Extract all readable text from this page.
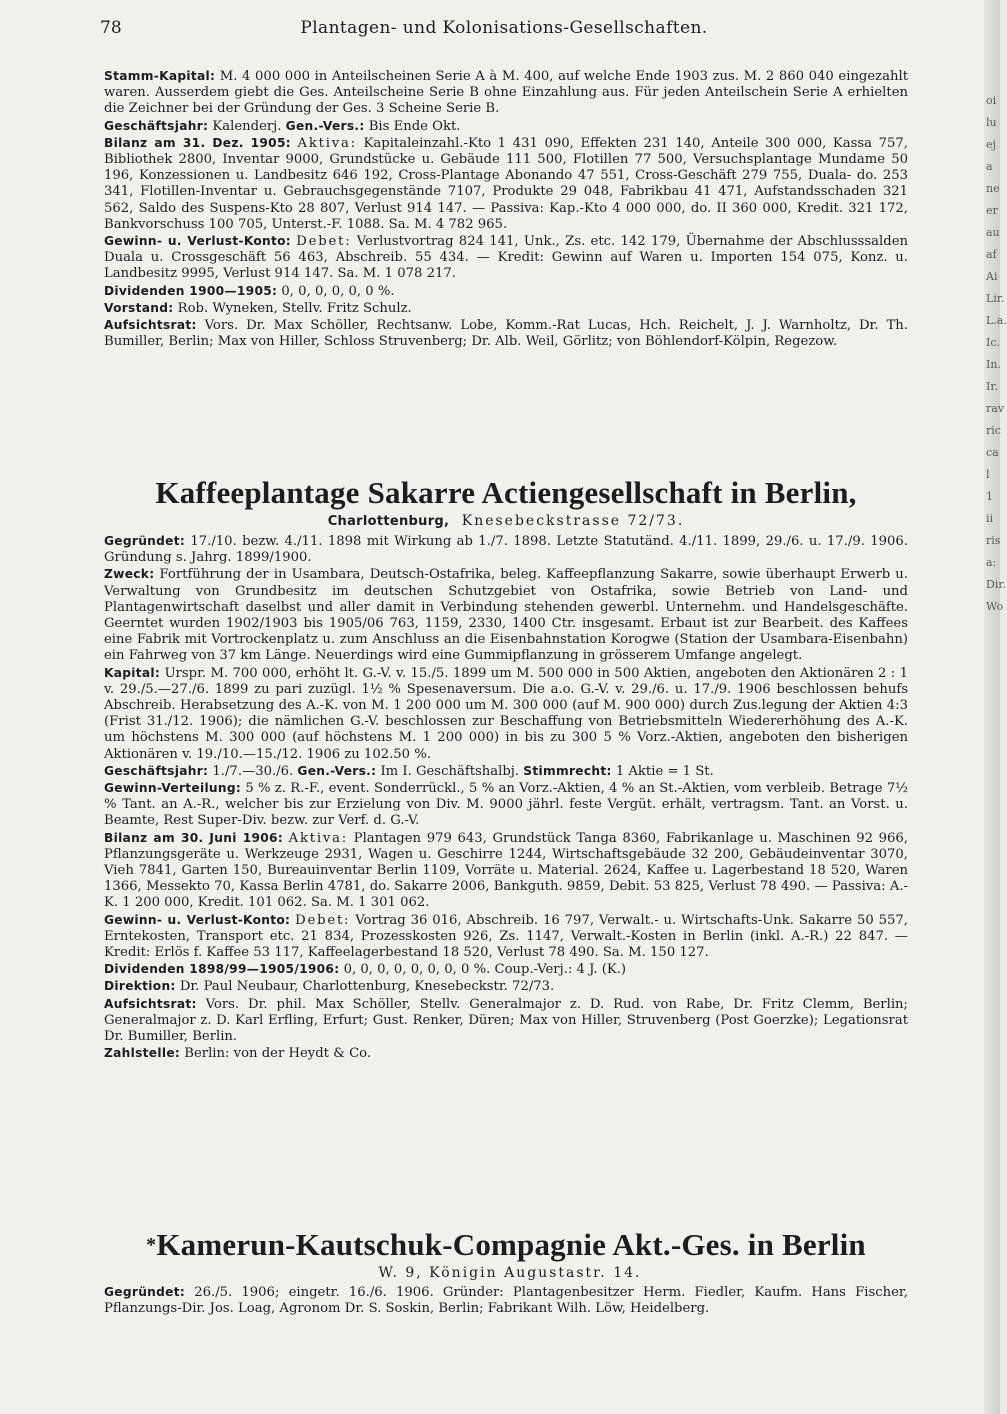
78	Plantagen- und Kolonisations-Gesellschaften.

Stamm-Kapital: M. 4 000 000 in Anteilscheinen Serie A à M. 400, auf welche Ende 1903 zus. M. 2 860 040 eingezahlt waren. Ausserdem giebt die Ges. Anteilscheine Serie B ohne Einzahlung aus. Für jeden Anteilschein Serie A erhielten die Zeichner bei der Gründung der Ges. 3 Scheine Serie B.

Geschäftsjahr: Kalenderj. Gen.-Vers.: Bis Ende Okt.

Bilanz am 31. Dez. 1905: Aktiva: Kapitaleinzahl.-Kto 1 431 090, Effekten 231 140, Anteile 300 000, Kassa 757, Bibliothek 2800, Inventar 9000, Grundstücke u. Gebäude 111 500, Flotillen 77 500, Versuchsplantage Mundame 50 196, Konzessionen u. Landbesitz 646 192, Cross-Plantage Abonando 47 551, Cross-Geschäft 279 755, Duala- do. 253 341, Flotillen-Inventar u. Gebrauchsgegenstände 7107, Produkte 29 048, Fabrikbau 41 471, Aufstandsschaden 321 562, Saldo des Suspens-Kto 28 807, Verlust 914 147. — Passiva: Kap.-Kto 4 000 000, do. II 360 000, Kredit. 321 172, Bankvorschuss 100 705, Unterst.-F. 1088. Sa. M. 4 782 965.

Gewinn- u. Verlust-Konto: Debet: Verlustvortrag 824 141, Unk., Zs. etc. 142 179, Übernahme der Abschlusssalden Duala u. Crossgeschäft 56 463, Abschreib. 55 434. — Kredit: Gewinn auf Waren u. Importen 154 075, Konz. u. Landbesitz 9995, Verlust 914 147. Sa. M. 1 078 217.

Dividenden 1900—1905: 0, 0, 0, 0, 0, 0 %.

Vorstand: Rob. Wyneken, Stellv. Fritz Schulz.

Aufsichtsrat: Vors. Dr. Max Schöller, Rechtsanw. Lobe, Komm.-Rat Lucas, Hch. Reichelt, J. J. Warnholtz, Dr. Th. Bumiller, Berlin; Max von Hiller, Schloss Struvenberg; Dr. Alb. Weil, Görlitz; von Böhlendorf-Kölpin, Regezow.

Kaffeeplantage Sakarre Actiengesellschaft in Berlin,

Charlottenburg, Knesebeckstrasse 72/73.

Gegründet: 17./10. bezw. 4./11. 1898 mit Wirkung ab 1./7. 1898. Letzte Statutänd. 4./11. 1899, 29./6. u. 17./9. 1906. Gründung s. Jahrg. 1899/1900.

Zweck: Fortführung der in Usambara, Deutsch-Ostafrika, beleg. Kaffeepflanzung Sakarre, sowie überhaupt Erwerb u. Verwaltung von Grundbesitz im deutschen Schutzgebiet von Ostafrika, sowie Betrieb von Land- und Plantagenwirtschaft daselbst und aller damit in Verbindung stehenden gewerbl. Unternehm. und Handelsgeschäfte. Geerntet wurden 1902/1903 bis 1905/06 763, 1159, 2330, 1400 Ctr. insgesamt. Erbaut ist zur Bearbeit. des Kaffees eine Fabrik mit Vortrockenplatz u. zum Anschluss an die Eisenbahnstation Korogwe (Station der Usambara-Eisenbahn) ein Fahrweg von 37 km Länge. Neuerdings wird eine Gummipflanzung in grösserem Umfange angelegt.

Kapital: Urspr. M. 700 000, erhöht lt. G.-V. v. 15./5. 1899 um M. 500 000 in 500 Aktien, angeboten den Aktionären 2 : 1 v. 29./5.—27./6. 1899 zu pari zuzügl. 1½ % Spesenaversum. Die a.o. G.-V. v. 29./6. u. 17./9. 1906 beschlossen behufs Abschreib. Herabsetzung des A.-K. von M. 1 200 000 um M. 300 000 (auf M. 900 000) durch Zus.legung der Aktien 4:3 (Frist 31./12. 1906); die nämlichen G.-V. beschlossen zur Beschaffung von Betriebsmitteln Wiedererhöhung des A.-K. um höchstens M. 300 000 (auf höchstens M. 1 200 000) in bis zu 300 5 % Vorz.-Aktien, angeboten den bisherigen Aktionären v. 19./10.—15./12. 1906 zu 102.50 %.

Geschäftsjahr: 1./7.—30./6. Gen.-Vers.: Im I. Geschäftshalbj. Stimmrecht: 1 Aktie = 1 St.

Gewinn-Verteilung: 5 % z. R.-F., event. Sonderrückl., 5 % an Vorz.-Aktien, 4 % an St.-Aktien, vom verbleib. Betrage 7½ % Tant. an A.-R., welcher bis zur Erzielung von Div. M. 9000 jährl. feste Vergüt. erhält, vertragsm. Tant. an Vorst. u. Beamte, Rest Super-Div. bezw. zur Verf. d. G.-V.

Bilanz am 30. Juni 1906: Aktiva: Plantagen 979 643, Grundstück Tanga 8360, Fabrikanlage u. Maschinen 92 966, Pflanzungsgeräte u. Werkzeuge 2931, Wagen u. Geschirre 1244, Wirtschaftsgebäude 32 200, Gebäudeinventar 3070, Vieh 7841, Garten 150, Bureauinventar Berlin 1109, Vorräte u. Material. 2624, Kaffee u. Lagerbestand 18 520, Waren 1366, Messekto 70, Kassa Berlin 4781, do. Sakarre 2006, Bankguth. 9859, Debit. 53 825, Verlust 78 490. — Passiva: A.-K. 1 200 000, Kredit. 101 062. Sa. M. 1 301 062.

Gewinn- u. Verlust-Konto: Debet: Vortrag 36 016, Abschreib. 16 797, Verwalt.- u. Wirtschafts-Unk. Sakarre 50 557, Erntekosten, Transport etc. 21 834, Prozesskosten 926, Zs. 1147, Verwalt.-Kosten in Berlin (inkl. A.-R.) 22 847. — Kredit: Erlös f. Kaffee 53 117, Kaffeelagerbestand 18 520, Verlust 78 490. Sa. M. 150 127.

Dividenden 1898/99—1905/1906: 0, 0, 0, 0, 0, 0, 0, 0 %. Coup.-Verj.: 4 J. (K.)

Direktion: Dr. Paul Neubaur, Charlottenburg, Knesebeckstr. 72/73.

Aufsichtsrat: Vors. Dr. phil. Max Schöller, Stellv. Generalmajor z. D. Rud. von Rabe, Dr. Fritz Clemm, Berlin; Generalmajor z. D. Karl Erfling, Erfurt; Gust. Renker, Düren; Max von Hiller, Struvenberg (Post Goerzke); Legationsrat Dr. Bumiller, Berlin.

Zahlstelle: Berlin: von der Heydt & Co.

*Kamerun-Kautschuk-Compagnie Akt.-Ges. in Berlin

W. 9, Königin Augustastr. 14.

Gegründet: 26./5. 1906; eingetr. 16./6. 1906. Gründer: Plantagenbesitzer Herm. Fiedler, Kaufm. Hans Fischer, Pflanzungs-Dir. Jos. Loag, Agronom Dr. S. Soskin, Berlin; Fabrikant Wilh. Löw, Heidelberg.

oi
lu
ej
a
ne
er
au
af
Ai
Lir.
L.a.
Ic.
In.
Ir.
rav
ric
ca
l 1
ii
ris
a:
Dir.
Wo
